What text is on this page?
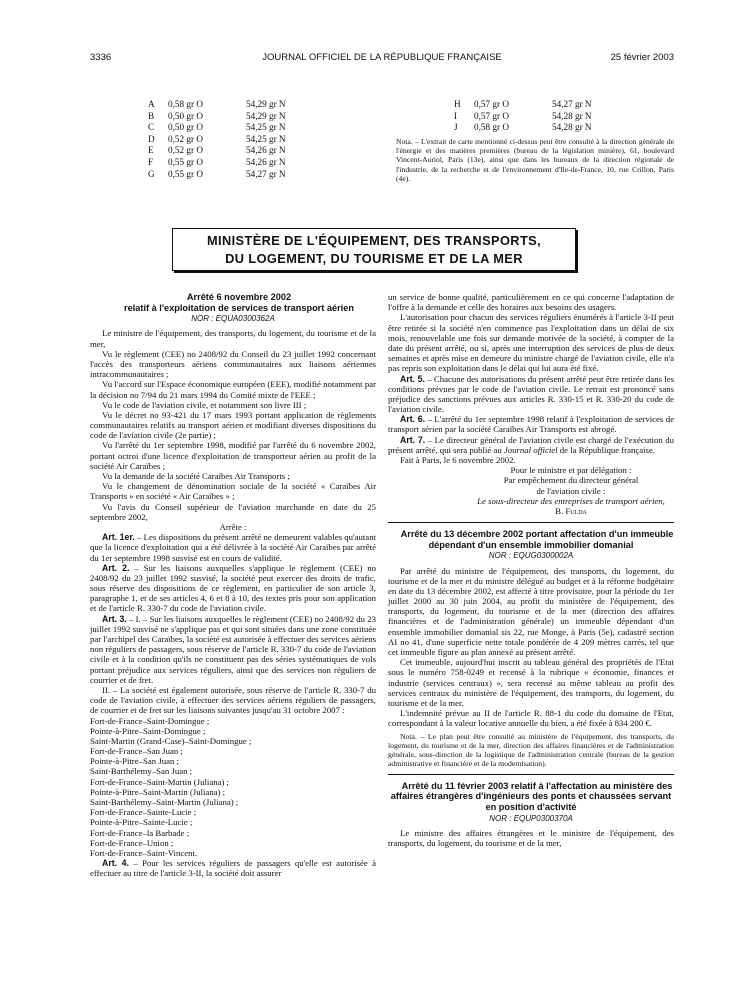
3336	JOURNAL OFFICIEL DE LA RÉPUBLIQUE FRANÇAISE	25 février 2003
A 0,58 gr O	54,29 gr N
B 0,50 gr O	54,29 gr N
C 0,50 gr O	54,25 gr N
D 0,52 gr O	54,25 gr N
E 0,52 gr O	54,26 gr N
F 0,55 gr O	54,26 gr N
G 0,55 gr O	54,27 gr N
H 0,57 gr O	54,27 gr N
I 0,57 gr O	54,28 gr N
J 0,58 gr O	54,28 gr N
Nota. – L'extrait de carte mentionné ci-dessus peut être consulté à la direction générale de l'énergie et des matières premières (bureau de la législation minière), 61, boulevard Vincent-Auriol, Paris (13e), ainsi que dans les bureaux de la direction régionale de l'industrie, de la recherche et de l'environnement d'Ile-de-France, 10, rue Crillon, Paris (4e).
MINISTÈRE DE L'ÉQUIPEMENT, DES TRANSPORTS,
DU LOGEMENT, DU TOURISME ET DE LA MER

Arrêté 6 novembre 2002

relatif à l'exploitation de services de transport aérien

NOR : EQUA0300362A

Le ministre de l'équipement, des transports, du logement, du tourisme et de la mer,

Vu le règlement (CEE) no 2408/92 du Conseil du 23 juillet 1992 concernant l'accès des transporteurs aériens communautaires aux liaisons aériennes intracommunautaires ;

Vu l'accord sur l'Espace économique européen (EEE), modifié notamment par la décision no 7/94 du 21 mars 1994 du Comité mixte de l'EEE ;

Vu le code de l'aviation civile, et notamment son livre III ;

Vu le décret no 93-421 du 17 mars 1993 portant application de règlements communautaires relatifs au transport aérien et modifiant diverses dispositions du code de l'aviation civile (2e partie) ;

Vu l'arrêté du 1er septembre 1998, modifié par l'arrêté du 6 novembre 2002, portant octroi d'une licence d'exploitation de transporteur aérien au profit de la société Air Caraïbes ;

Vu la demande de la société Caraïbes Air Transports ;

Vu le changement de dénomination sociale de la société « Caraïbes Air Transports » en société « Air Caraïbes » ;

Vu l'avis du Conseil supérieur de l'aviation marchande en date du 25 septembre 2002,

Arrête :

Art. 1er. – Les dispositions du présent arrêté ne demeurent valables qu'autant que la licence d'exploitation qui a été délivrée à la société Air Caraïbes par arrêté du 1er septembre 1998 susvisé est en cours de validité.

Art. 2. – Sur les liaisons auxquelles s'applique le règlement (CEE) no 2408/92 du 23 juillet 1992 susvisé, la société peut exercer des droits de trafic, sous réserve des dispositions de ce règlement, en particulier de son article 3, paragraphe 1, et de ses articles 4, 6 et 8 à 10, des textes pris pour son application et de l'article R. 330-7 du code de l'aviation civile.

Art. 3. – I. – Sur les liaisons auxquelles le règlement (CEE) no 2408/92 du 23 juillet 1992 susvisé ne s'applique pas et qui sont situées dans une zone constituée par l'archipel des Caraïbes, la société est autorisée à effectuer des services aériens non réguliers de passagers, sous réserve de l'article R. 330-7 du code de l'aviation civile et à la condition qu'ils ne constituent pas des séries systématiques de vols portant préjudice aux services réguliers, ainsi que des services non réguliers de courrier et de fret.

II. – La société est également autorisée, sous réserve de l'article R. 330-7 du code de l'aviation civile, à effectuer des services aériens réguliers de passagers, de courrier et de fret sur les liaisons suivantes jusqu'au 31 octobre 2007 :

Fort-de-France–Saint-Domingue ;

Pointe-à-Pitre–Saint-Domingue ;

Saint-Martin (Grand-Case)–Saint-Domingue ;

Fort-de-France–San Juan ;

Pointe-à-Pitre–San Juan ;

Saint-Barthélemy–San Juan ;

Fort-de-France–Saint-Martin (Juliana) ;

Pointe-à-Pitre–Saint-Martin (Juliana) ;

Saint-Barthélemy–Saint-Martin (Juliana) ;

Fort-de-France–Sainte-Lucie ;

Pointe-à-Pitre–Sainte-Lucie ;

Fort-de-France–la Barbade ;

Fort-de-France–Union ;

Fort-de-France–Saint-Vincent.

Art. 4. – Pour les services réguliers de passagers qu'elle est autorisée à effectuer au titre de l'article 3-II, la société doit assurer

un service de bonne qualité, particulièrement en ce qui concerne l'adaptation de l'offre à la demande et celle des horaires aux besoins des usagers.

L'autorisation pour chacun des services réguliers énumérés à l'article 3-II peut être retirée si la société n'en commence pas l'exploitation dans un délai de six mois, renouvelable une fois sur demande motivée de la société, à compter de la date du présent arrêté, ou si, après une interruption des services de plus de deux semaines et après mise en demeure du ministre chargé de l'aviation civile, elle n'a pas repris son exploitation dans le délai qui lui aura été fixé.

Art. 5. – Chacune des autorisations du présent arrêté peut être retirée dans les conditions prévues par le code de l'aviation civile. Le retrait est prononcé sans préjudice des sanctions prévues aux articles R. 330-15 et R. 330-20 du code de l'aviation civile.

Art. 6. – L'arrêté du 1er septembre 1998 relatif à l'exploitation de services de transport aérien par la société Caraïbes Air Transports est abrogé.

Art. 7. – Le directeur général de l'aviation civile est chargé de l'exécution du présent arrêté, qui sera publié au Journal officiel de la République française.

Fait à Paris, le 6 novembre 2002.

Pour le ministre et par délégation :
Par empêchement du directeur général
de l'aviation civile :
Le sous-directeur des entreprises de transport aérien,
B. Fulda

Arrêté du 13 décembre 2002 portant affectation d'un immeuble dépendant d'un ensemble immobilier domanial

NOR : EQUG0300002A

Par arrêté du ministre de l'équipement, des transports, du logement, du tourisme et de la mer et du ministre délégué au budget et à la réforme budgétaire en date du 13 décembre 2002, est affecté à titre provisoire, pour la période du 1er juillet 2000 au 30 juin 2004, au profit du ministère de l'équipement, des transports, du logement, du tourisme et de la mer (direction des affaires financières et de l'administration générale) un immeuble dépendant d'un ensemble immobilier domanial sis 22, rue Monge, à Paris (5e), cadastré section AI no 41, d'une superficie nette totale pondérée de 4 209 mètres carrés, tel que cet immeuble figure au plan annexé au présent arrêté.

Cet immeuble, aujourd'hui inscrit au tableau général des propriétés de l'Etat sous le numéro 758-0249 et recensé à la rubrique « économie, finances et industrie (services centraux) », sera recensé au même tableau au profit des services centraux du ministère de l'équipement, des transports, du logement, du tourisme et de la mer.

L'indemnité prévue au II de l'article R. 88-1 du code du domaine de l'Etat, correspondant à la valeur locative annuelle du bien, a été fixée à 834 200 €.

Nota. – Le plan peut être consulté au ministère de l'équipement, des transports, du logement, du tourisme et de la mer, direction des affaires financières et de l'administration générale, sous-direction de la logistique de l'administration centrale (bureau de la gestion administrative et financière et de la modernisation).

Arrêté du 11 février 2003 relatif à l'affectation au ministère des affaires étrangères d'ingénieurs des ponts et chaussées servant en position d'activité

NOR : EQUP0300370A

Le ministre des affaires étrangères et le ministre de l'équipement, des transports, du logement, du tourisme et de la mer,
